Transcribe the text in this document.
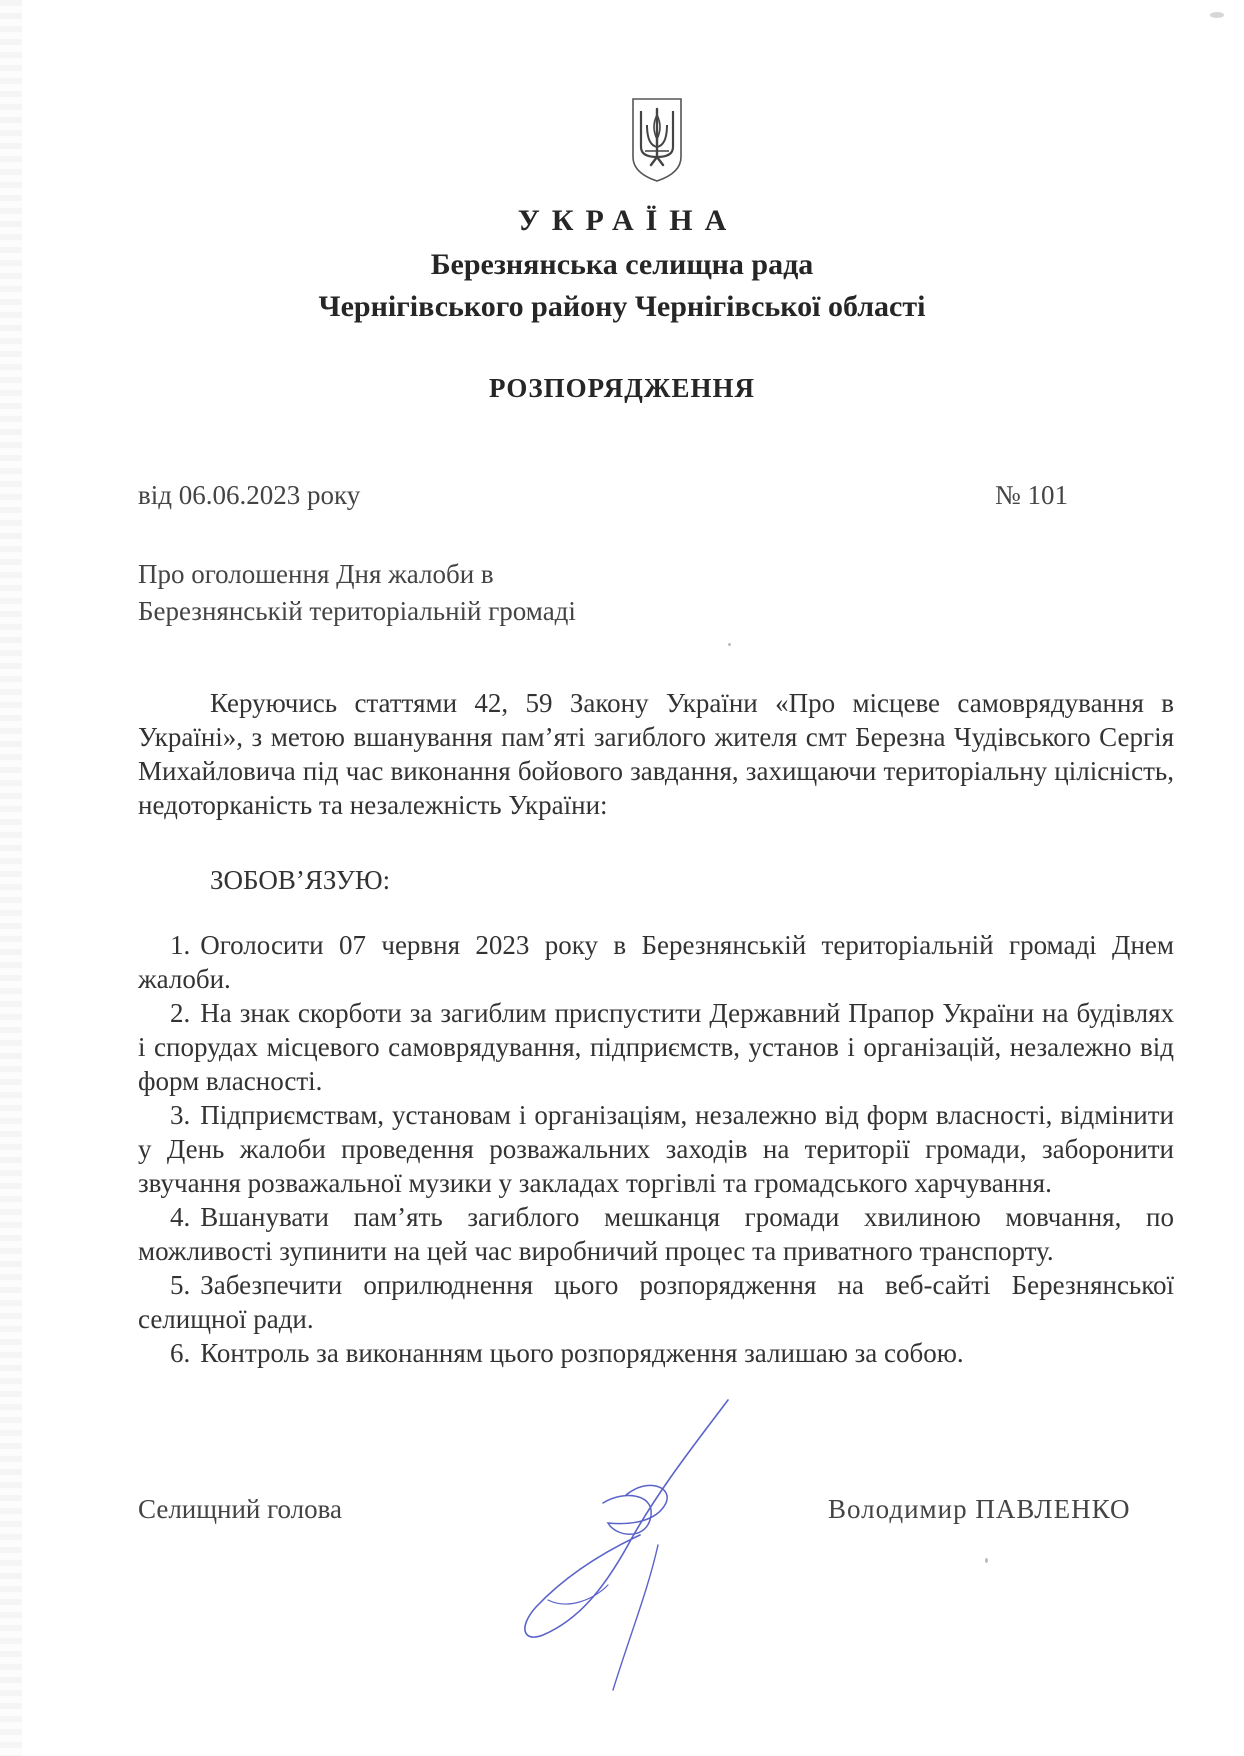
УКРАЇНА
Березнянська селищна рада
Чернігівського району Чернігівської області
РОЗПОРЯДЖЕННЯ
від 06.06.2023 року	№ 101
Про оголошення Дня жалоби в
Березнянській територіальній громаді
Керуючись статтями 42, 59 Закону України «Про місцеве самоврядування в Україні», з метою вшанування пам’яті загиблого жителя смт Березна Чудівського Сергія Михайловича під час виконання бойового завдання, захищаючи територіальну цілісність, недоторканість та незалежність України:
ЗОБОВ’ЯЗУЮ:
1. Оголосити 07 червня 2023 року в Березнянській територіальній громаді Днем жалоби.
2. На знак скорботи за загиблим приспустити Державний Прапор України на будівлях і спорудах місцевого самоврядування, підприємств, установ і організацій, незалежно від форм власності.
3. Підприємствам, установам і організаціям, незалежно від форм власності, відмінити у День жалоби проведення розважальних заходів на території громади, заборонити звучання розважальної музики у закладах торгівлі та громадського харчування.
4. Вшанувати пам’ять загиблого мешканця громади хвилиною мовчання, по можливості зупинити на цей час виробничий процес та приватного транспорту.
5. Забезпечити оприлюднення цього розпорядження на веб-сайті Березнянської селищної ради.
6. Контроль за виконанням цього розпорядження залишаю за собою.
Селищний голова	Володимир ПАВЛЕНКО
